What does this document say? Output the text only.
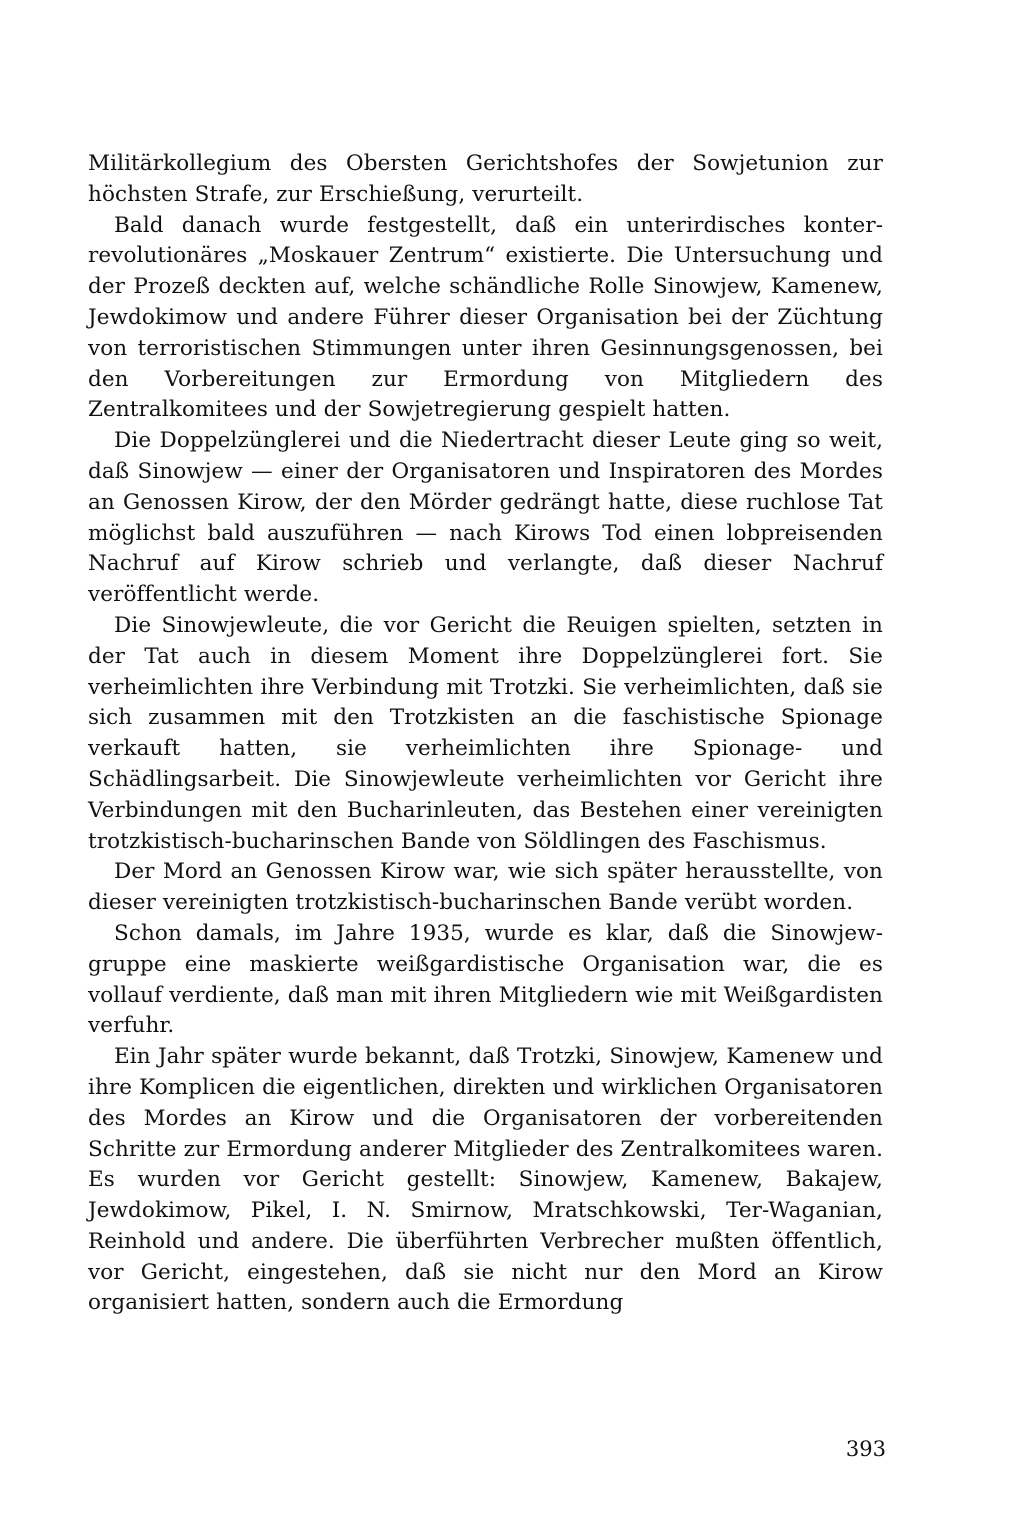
Militärkollegium des Obersten Gerichtshofes der Sowjetunion zur höchsten Strafe, zur Erschießung, verurteilt.

Bald danach wurde festgestellt, daß ein unterirdisches konterrevolutionäres „Moskauer Zentrum“ existierte. Die Untersuchung und der Prozeß deckten auf, welche schändliche Rolle Sinowjew, Kamenew, Jewdokimow und andere Führer dieser Organisation bei der Züchtung von terroristischen Stimmungen unter ihren Gesinnungsgenossen, bei den Vorbereitungen zur Ermordung von Mitgliedern des Zentralkomitees und der Sowjetregierung gespielt hatten.

Die Doppelzünglerei und die Niedertracht dieser Leute ging so weit, daß Sinowjew — einer der Organisatoren und Inspiratoren des Mordes an Genossen Kirow, der den Mörder gedrängt hatte, diese ruchlose Tat möglichst bald auszuführen — nach Kirows Tod einen lobpreisenden Nachruf auf Kirow schrieb und verlangte, daß dieser Nachruf veröffentlicht werde.

Die Sinowjewleute, die vor Gericht die Reuigen spielten, setzten in der Tat auch in diesem Moment ihre Doppelzünglerei fort. Sie verheimlichten ihre Verbindung mit Trotzki. Sie verheimlichten, daß sie sich zusammen mit den Trotzkisten an die faschistische Spionage verkauft hatten, sie verheimlichten ihre Spionage- und Schädlingsarbeit. Die Sinowjewleute verheimlichten vor Gericht ihre Verbindungen mit den Bucharinleuten, das Bestehen einer vereinigten trotzkistisch-bucharinschen Bande von Söldlingen des Faschismus.

Der Mord an Genossen Kirow war, wie sich später herausstellte, von dieser vereinigten trotzkistisch-bucharinschen Bande verübt worden.

Schon damals, im Jahre 1935, wurde es klar, daß die Sinowjewgruppe eine maskierte weißgardistische Organisation war, die es vollauf verdiente, daß man mit ihren Mitgliedern wie mit Weißgardisten verfuhr.

Ein Jahr später wurde bekannt, daß Trotzki, Sinowjew, Kamenew und ihre Komplicen die eigentlichen, direkten und wirklichen Organisatoren des Mordes an Kirow und die Organisatoren der vorbereitenden Schritte zur Ermordung anderer Mitglieder des Zentralkomitees waren. Es wurden vor Gericht gestellt: Sinowjew, Kamenew, Bakajew, Jewdokimow, Pikel, I. N. Smirnow, Mratschkowski, Ter-Waganian, Reinhold und andere. Die überführten Verbrecher mußten öffentlich, vor Gericht, eingestehen, daß sie nicht nur den Mord an Kirow organisiert hatten, sondern auch die Ermordung

393
